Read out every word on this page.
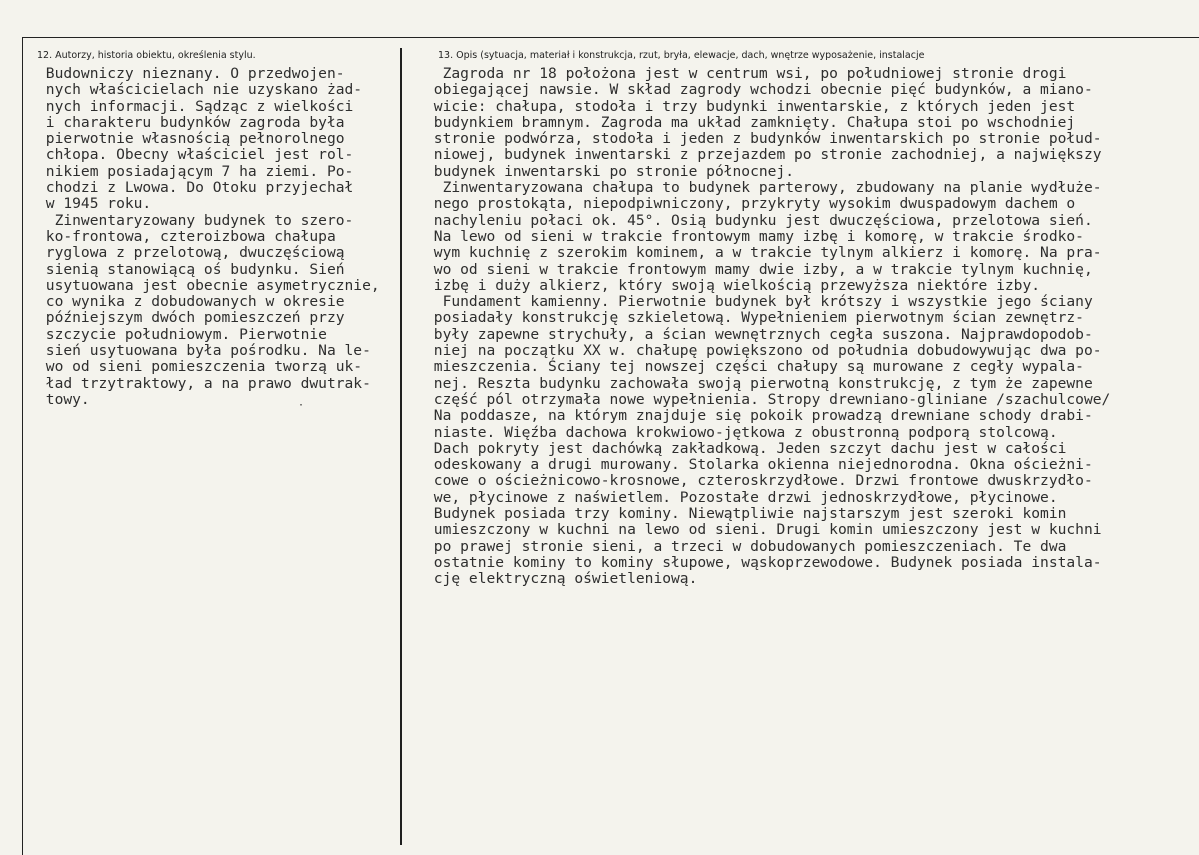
12. Autorzy, historia obiektu, określenia stylu.	13. Opis (sytuacja, materiał i konstrukcja, rzut, bryła, elewacje, dach, wnętrze wyposażenie, instalacje
Budowniczy nieznany. O przedwojen-
nych właścicielach nie uzyskano żad-
nych informacji. Sądząc z wielkości
i charakteru budynków zagroda była
pierwotnie własnością pełnorolnego
chłopa. Obecny właściciel jest rol-
nikiem posiadającym 7 ha ziemi. Po-
chodzi z Lwowa. Do Otoku przyjechał
w 1945 roku.
Zinwentaryzowany budynek to szero-
ko-frontowa, czteroizbowa chałupa
ryglowa z przelotową, dwuczęściową
sienią stanowiącą oś budynku. Sień
usytuowana jest obecnie asymetrycznie,
co wynika z dobudowanych w okresie
późniejszym dwóch pomieszczeń przy
szczycie południowym. Pierwotnie
sień usytuowana była pośrodku. Na le-
wo od sieni pomieszczenia tworzą uk-
ład trzytraktowy, a na prawo dwutrak-
towy.
Zagroda nr 18 położona jest w centrum wsi, po południowej stronie drogi
obiegającej nawsie. W skład zagrody wchodzi obecnie pięć budynków, a miano-
wicie: chałupa, stodoła i trzy budynki inwentarskie, z których jeden jest
budynkiem bramnym. Zagroda ma układ zamknięty. Chałupa stoi po wschodniej
stronie podwórza, stodoła i jeden z budynków inwentarskich po stronie połud-
niowej, budynek inwentarski z przejazdem po stronie zachodniej, a największy
budynek inwentarski po stronie północnej.
Zinwentaryzowana chałupa to budynek parterowy, zbudowany na planie wydłuże-
nego prostokąta, niepodpiwniczony, przykryty wysokim dwuspadowym dachem o
nachyleniu połaci ok. 45°. Osią budynku jest dwuczęściowa, przelotowa sień.
Na lewo od sieni w trakcie frontowym mamy izbę i komorę, w trakcie środko-
wym kuchnię z szerokim kominem, a w trakcie tylnym alkierz i komorę. Na pra-
wo od sieni w trakcie frontowym mamy dwie izby, a w trakcie tylnym kuchnię,
izbę i duży alkierz, który swoją wielkością przewyższa niektóre izby.
Fundament kamienny. Pierwotnie budynek był krótszy i wszystkie jego ściany
posiadały konstrukcję szkieletową. Wypełnieniem pierwotnym ścian zewnętrz-
były zapewne strychuły, a ścian wewnętrznych cegła suszona. Najprawdopodob-
niej na początku XX w. chałupę powiększono od południa dobudowywując dwa po-
mieszczenia. Ściany tej nowszej części chałupy są murowane z cegły wypala-
nej. Reszta budynku zachowała swoją pierwotną konstrukcję, z tym że zapewne
część pól otrzymała nowe wypełnienia. Stropy drewniano-gliniane /szachulcowe/
Na poddasze, na którym znajduje się pokoik prowadzą drewniane schody drabi-
niaste. Więźba dachowa krokwiowo-jętkowa z obustronną podporą stolcową.
Dach pokryty jest dachówką zakładkową. Jeden szczyt dachu jest w całości
odeskowany a drugi murowany. Stolarka okienna niejednorodna. Okna ościeżni-
cowe o ościeżnicowo-krosnowe, czteroskrzydłowe. Drzwi frontowe dwuskrzydło-
we, płycinowe z naświetlem. Pozostałe drzwi jednoskrzydłowe, płycinowe.
Budynek posiada trzy kominy. Niewątpliwie najstarszym jest szeroki komin
umieszczony w kuchni na lewo od sieni. Drugi komin umieszczony jest w kuchni
po prawej stronie sieni, a trzeci w dobudowanych pomieszczeniach. Te dwa
ostatnie kominy to kominy słupowe, wąskoprzewodowe. Budynek posiada instala-
cję elektryczną oświetleniową.
·
